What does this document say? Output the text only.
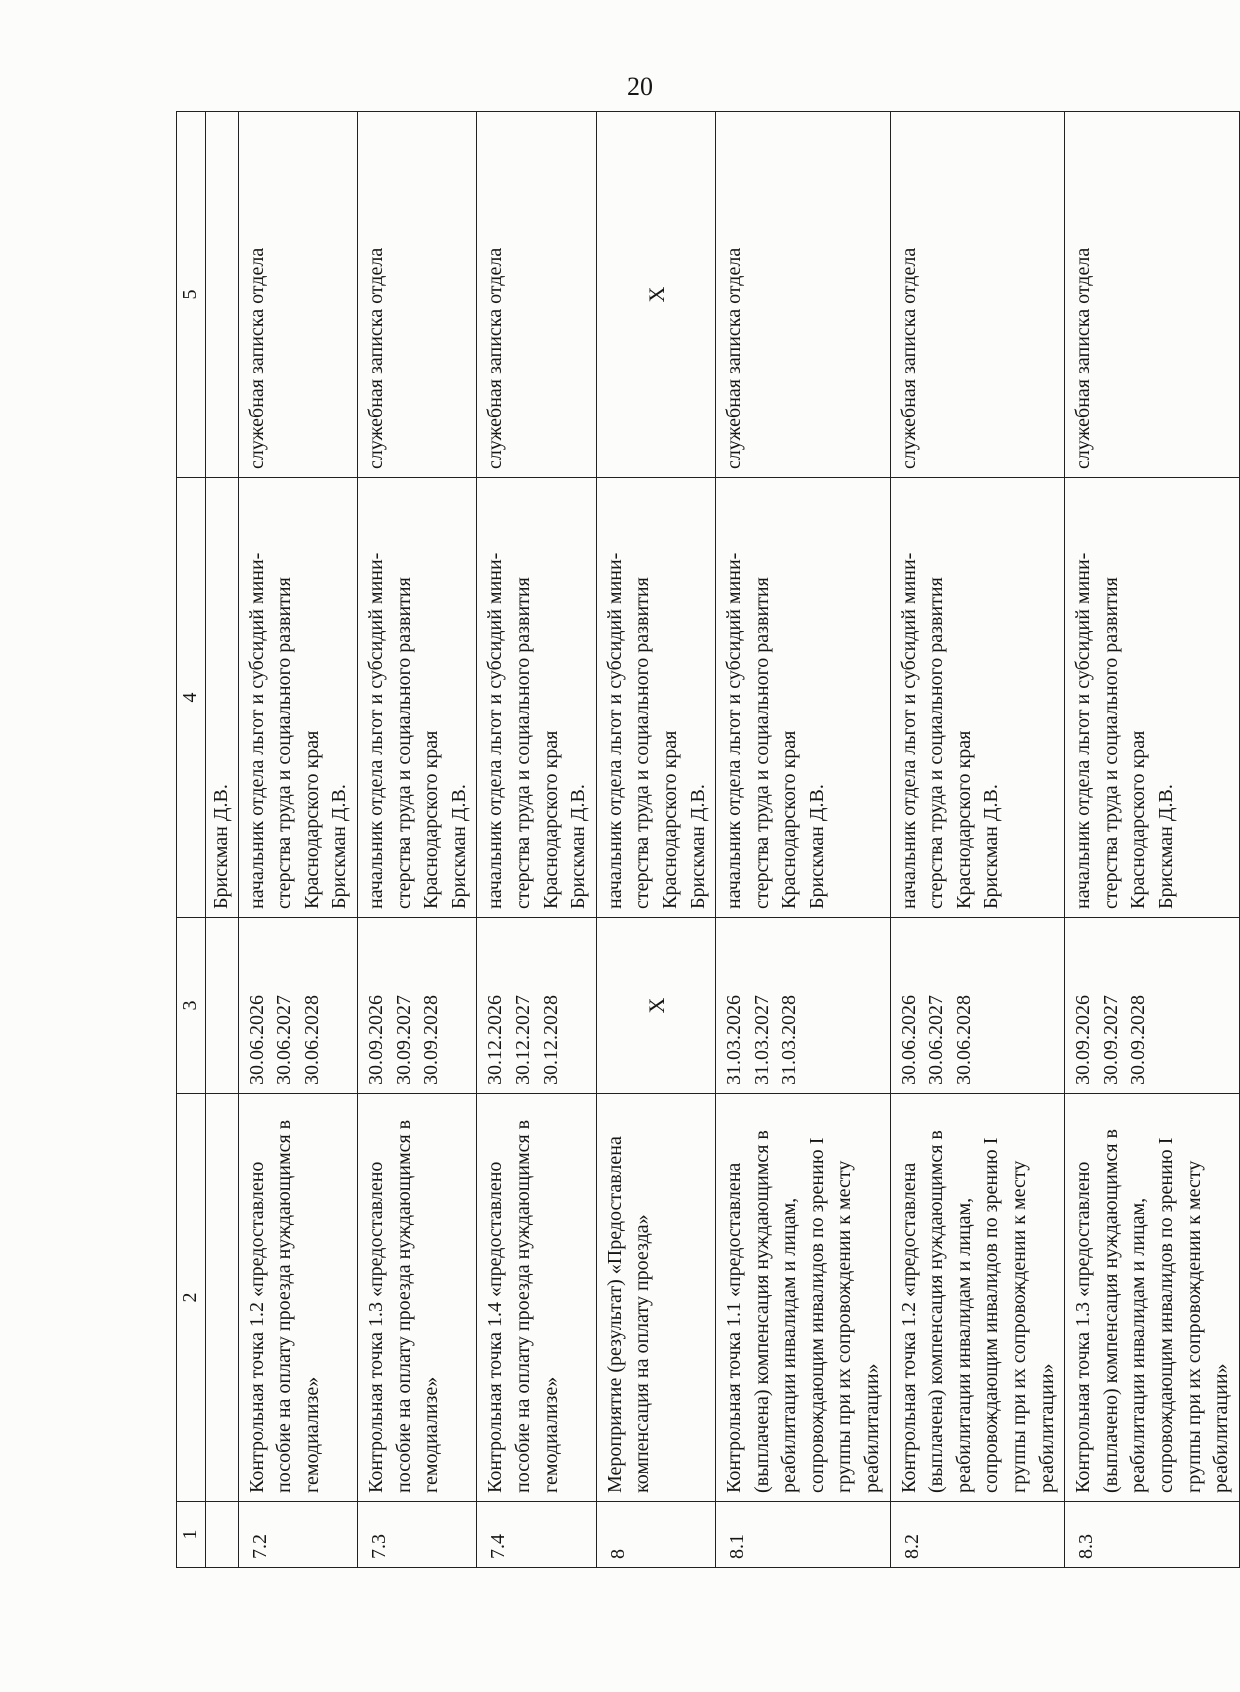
20
1	2	3	4	5
			Брискман Д.В.	
7.2	Контрольная точка 1.2 «предоставлено пособие на оплату проезда нуждающимся в гемодиализе»	30.06.2026 30.06.2027 30.06.2028	начальник отдела льгот и субсидий мини- стерства труда и социального развития Краснодарского края Брискман Д.В.	служебная записка отдела
7.3	Контрольная точка 1.3 «предоставлено пособие на оплату проезда нуждающимся в гемодиализе»	30.09.2026 30.09.2027 30.09.2028	начальник отдела льгот и субсидий мини- стерства труда и социального развития Краснодарского края Брискман Д.В.	служебная записка отдела
7.4	Контрольная точка 1.4 «предоставлено пособие на оплату проезда нуждающимся в гемодиализе»	30.12.2026 30.12.2027 30.12.2028	начальник отдела льгот и субсидий мини- стерства труда и социального развития Краснодарского края Брискман Д.В.	служебная записка отдела
8	Мероприятие (результат) «Предоставлена компенсация на оплату проезда»	X	начальник отдела льгот и субсидий мини- стерства труда и социального развития Краснодарского края Брискман Д.В.	X
8.1	Контрольная точка 1.1 «предоставлена (выплачена) компенсация нуждающимся в реабилитации инвалидам и лицам, сопровождающим инвалидов по зрению I группы при их сопровождении к месту реабилитации»	31.03.2026 31.03.2027 31.03.2028	начальник отдела льгот и субсидий мини- стерства труда и социального развития Краснодарского края Брискман Д.В.	служебная записка отдела
8.2	Контрольная точка 1.2 «предоставлена (выплачена) компенсация нуждающимся в реабилитации инвалидам и лицам, сопровождающим инвалидов по зрению I группы при их сопровождении к месту реабилитации»	30.06.2026 30.06.2027 30.06.2028	начальник отдела льгот и субсидий мини- стерства труда и социального развития Краснодарского края Брискман Д.В.	служебная записка отдела
8.3	Контрольная точка 1.3 «предоставлено (выплачено) компенсация нуждающимся в реабилитации инвалидам и лицам, сопровождающим инвалидов по зрению I группы при их сопровождении к месту реабилитации»	30.09.2026 30.09.2027 30.09.2028	начальник отдела льгот и субсидий мини- стерства труда и социального развития Краснодарского края Брискман Д.В.	служебная записка отдела
